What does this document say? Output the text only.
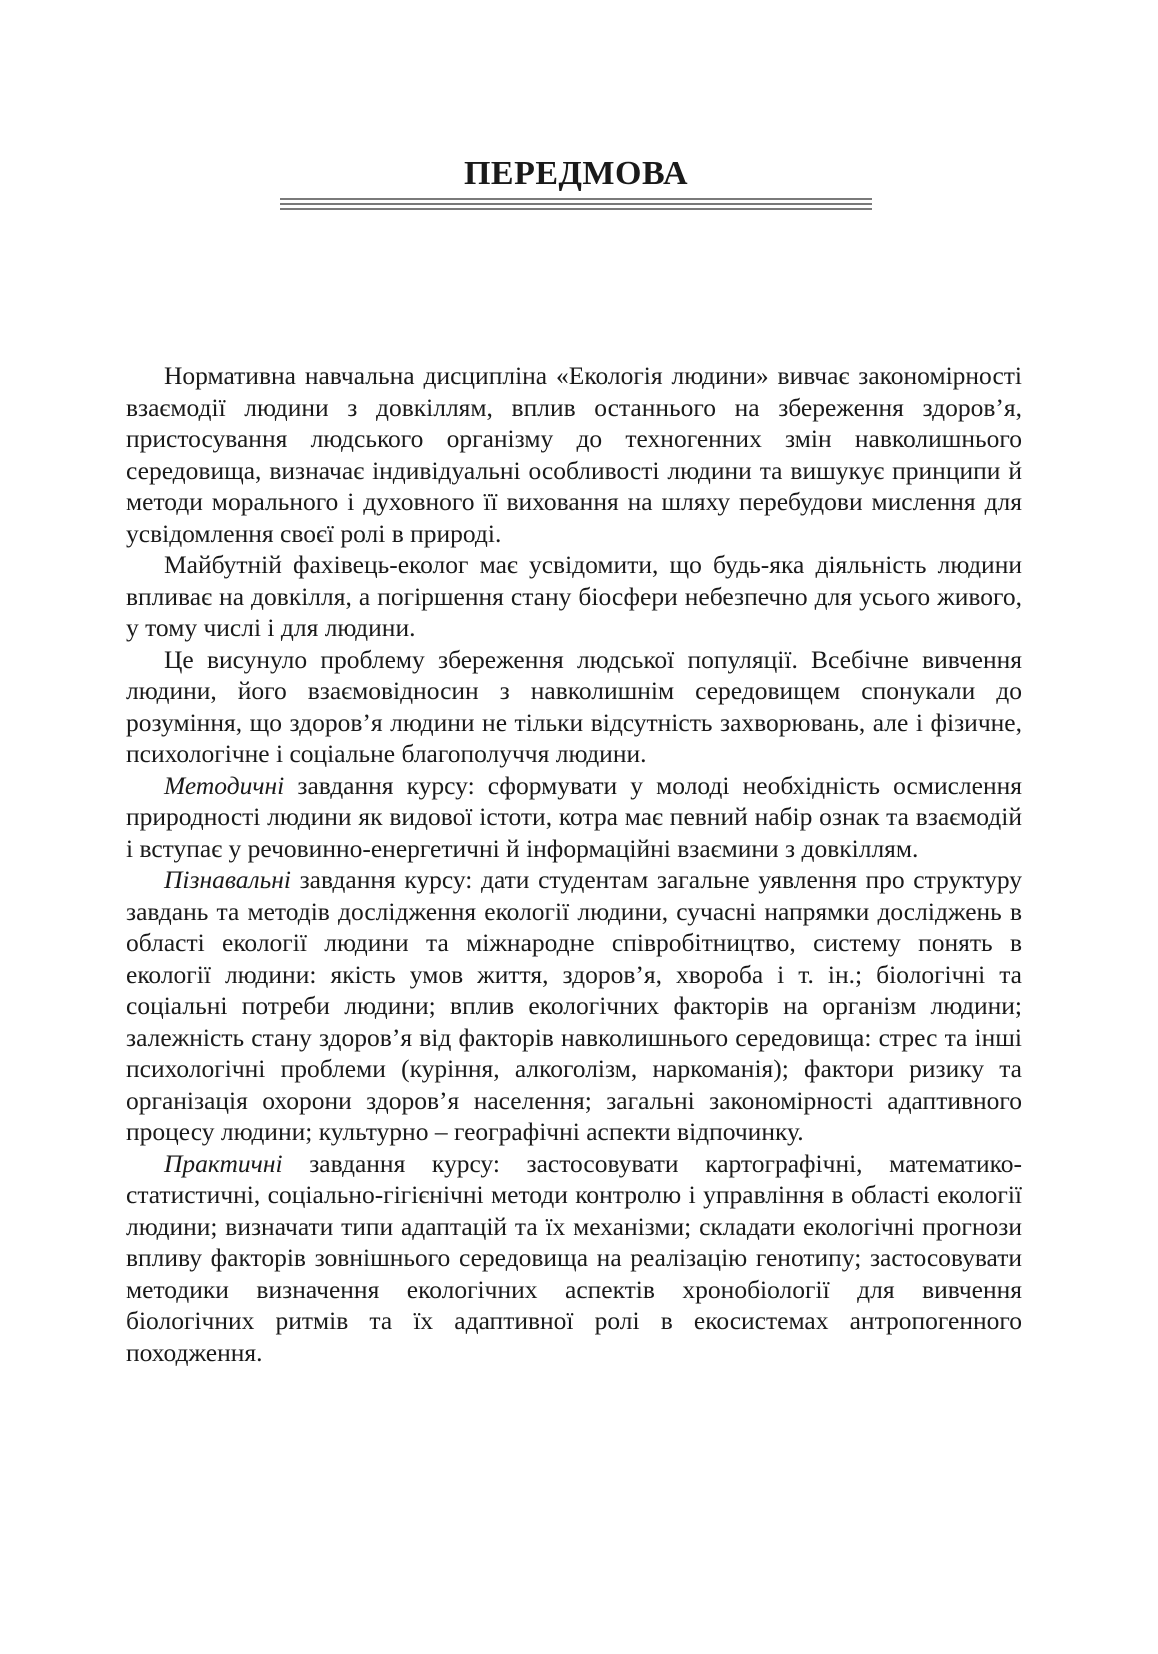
ПЕРЕДМОВА

Нормативна навчальна дисципліна «Екологія людини» вивчає закономірності взаємодії людини з довкіллям, вплив останнього на збереження здоров’я, пристосування людського організму до техногенних змін навколишнього середовища, визначає індивідуальні особливості людини та вишукує принципи й методи морального і духовного її виховання на шляху перебудови мислення для усвідомлення своєї ролі в природі.

Майбутній фахівець-еколог має усвідомити, що будь-яка діяльність людини впливає на довкілля, а погіршення стану біосфери небезпечно для усього живого, у тому числі і для людини.

Це висунуло проблему збереження людської популяції. Всебічне вивчення людини, його взаємовідносин з навколишнім середовищем спонукали до розуміння, що здоров’я людини не тільки відсутність захворювань, але і фізичне, психологічне і соціальне благополуччя людини.

Методичні завдання курсу: сформувати у молоді необхідність осмислення природності людини як видової істоти, котра має певний набір ознак та взаємодій і вступає у речовинно-енергетичні й інформаційні взаємини з довкіллям.

Пізнавальні завдання курсу: дати студентам загальне уявлення про структуру завдань та методів дослідження екології людини, сучасні напрямки досліджень в області екології людини та міжнародне співробітництво, систему понять в екології людини: якість умов життя, здоров’я, хвороба і т. ін.; біологічні та соціальні потреби людини; вплив екологічних факторів на організм людини; залежність стану здоров’я від факторів навколишнього середовища: стрес та інші психологічні проблеми (куріння, алкоголізм, наркоманія); фактори ризику та організація охорони здоров’я населення; загальні закономірності адаптивного процесу людини; культурно – географічні аспекти відпочинку.

Практичні завдання курсу: застосовувати картографічні, математико-статистичні, соціально-гігієнічні методи контролю і управління в області екології людини; визначати типи адаптацій та їх механізми; складати екологічні прогнози впливу факторів зовнішнього середовища на реалізацію генотипу; застосовувати методики визначення екологічних аспектів хронобіології для вивчення біологічних ритмів та їх адаптивної ролі в екосистемах антропогенного походження.
